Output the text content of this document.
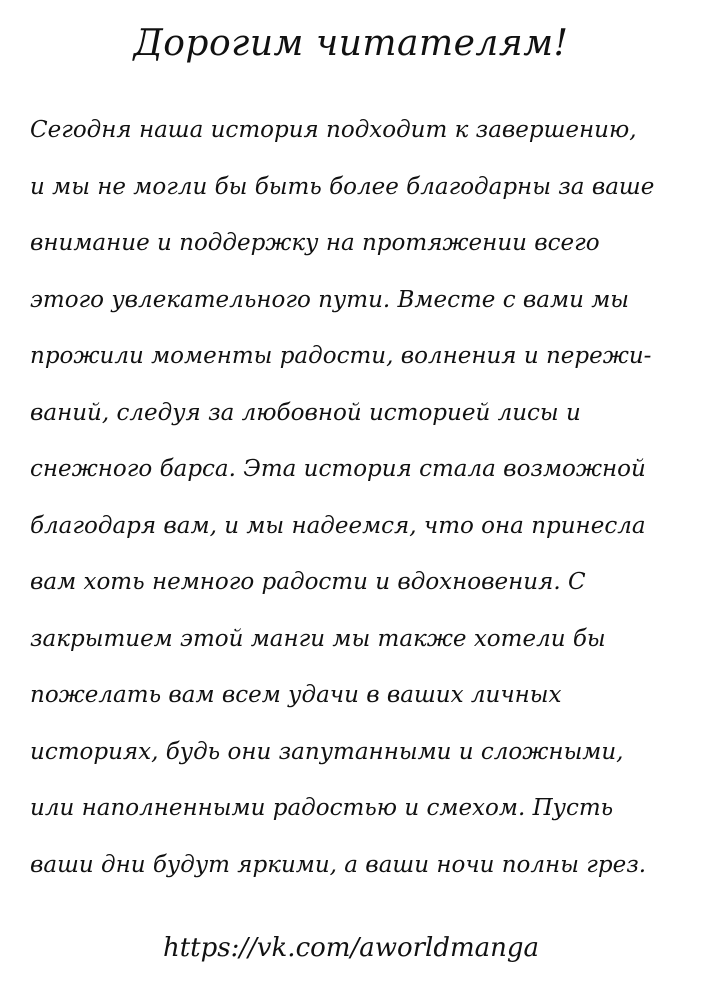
Дорогим читателям!
Сегодня наша история подходит к завершению,
и мы не могли бы быть более благодарны за ваше
внимание и поддержку на протяжении всего
этого увлекательного пути. Вместе с вами мы
прожили моменты радости, волнения и пережи-
ваний, следуя за любовной историей лисы и
снежного барса. Эта история стала возможной
благодаря вам, и мы надеемся, что она принесла
вам хоть немного радости и вдохновения. С
закрытием этой манги мы также хотели бы
пожелать вам всем удачи в ваших личных
историях, будь они запутанными и сложными,
или наполненными радостью и смехом. Пусть
ваши дни будут яркими, а ваши ночи полны грез.
https://vk.com/aworldmanga
